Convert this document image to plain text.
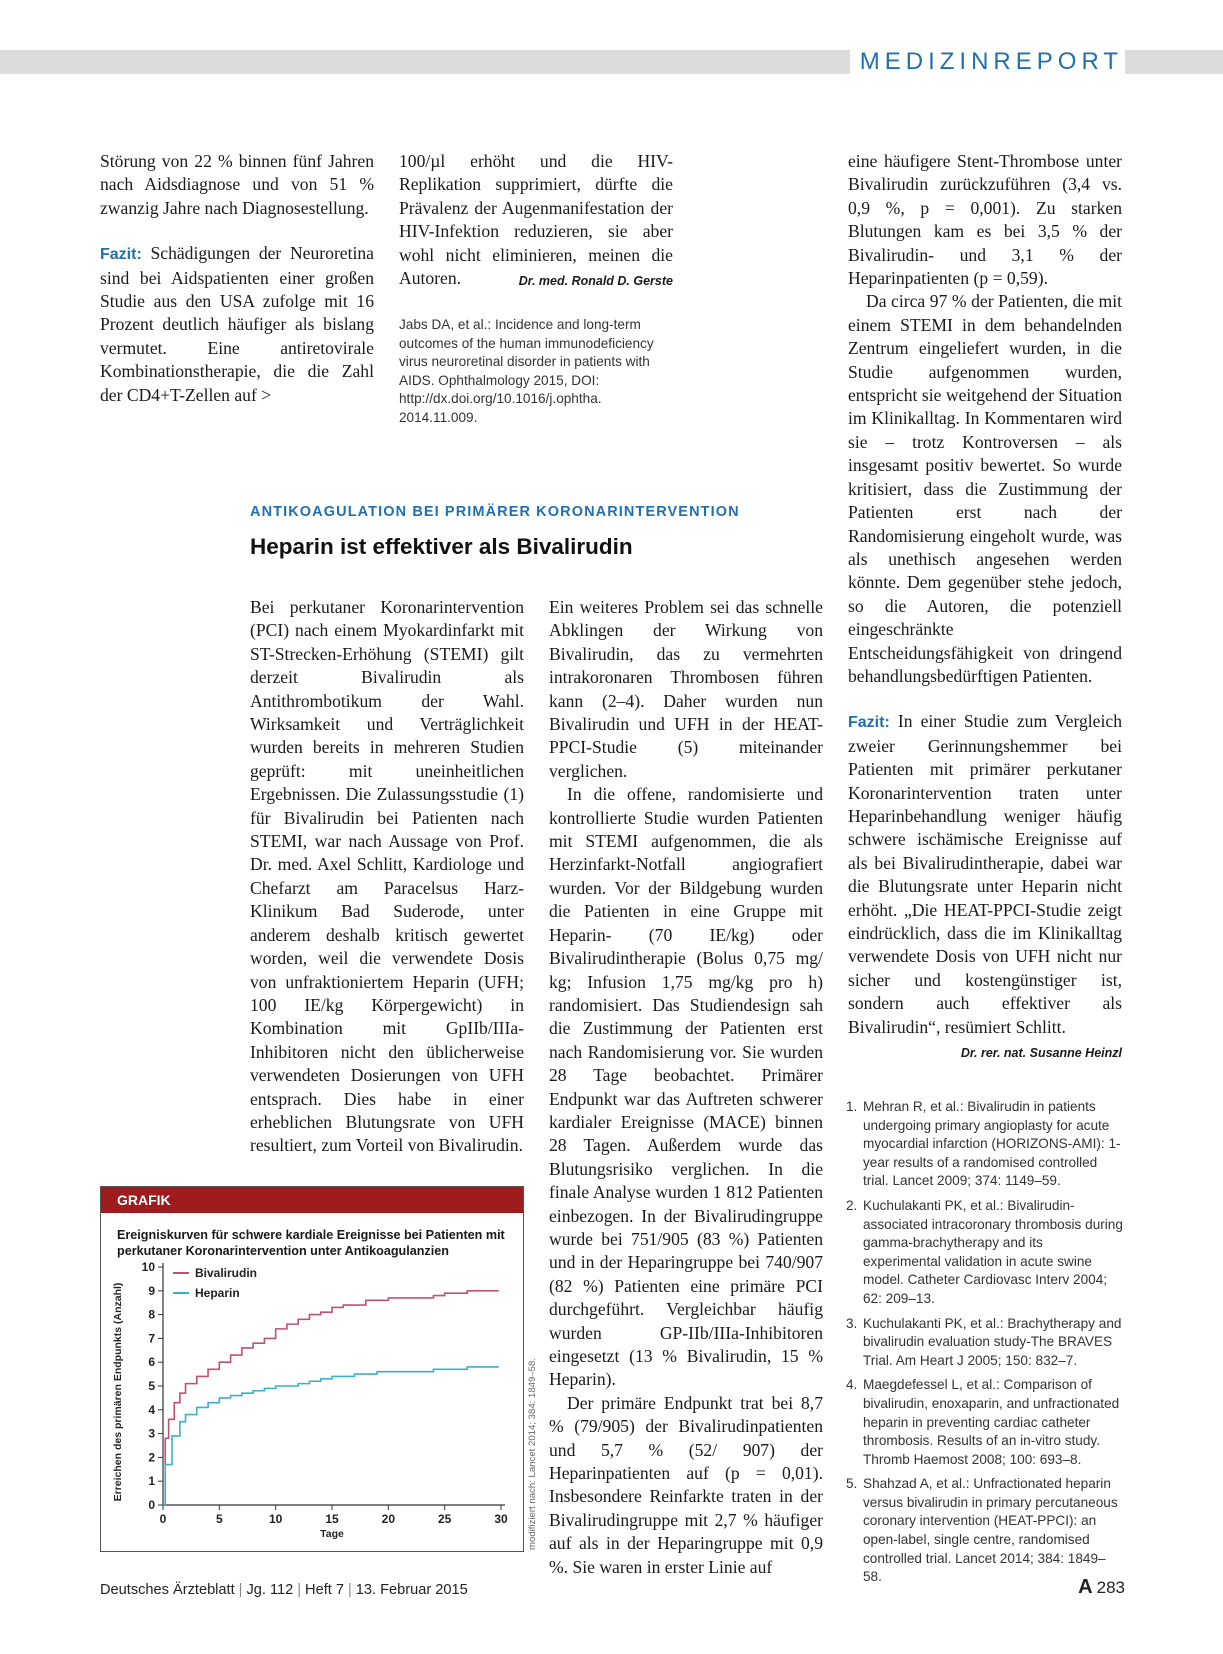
MEDIZINREPORT

Störung von 22 % binnen fünf Jahren nach Aidsdiagnose und von 51 % zwanzig Jahre nach Diagnosestellung.

Fazit: Schädigungen der Neuroretina sind bei Aidspatienten einer großen Studie aus den USA zufolge mit 16 Prozent deutlich häufiger als bislang vermutet. Eine antiretovirale Kombinationstherapie, die die Zahl der CD4+T-Zellen auf >

100/µl erhöht und die HIV-Replikation supprimiert, dürfte die Prävalenz der Augenmanifestation der HIV-Infektion reduzieren, sie aber wohl nicht eliminieren, meinen die Autoren.	Dr. med. Ronald D. Gerste

Jabs DA, et al.: Incidence and long-term outcomes of the human immunodeficiency virus neuroretinal disorder in patients with AIDS. Ophthalmology 2015, DOI: http://dx.doi.org/10.1016/j.ophtha. 2014.11.009.
ANTIKOAGULATION BEI PRIMÄRER KORONARINTERVENTION
Heparin ist effektiver als Bivalirudin

Bei perkutaner Koronarintervention (PCI) nach einem Myokardinfarkt mit ST-Strecken-Erhöhung (STEMI) gilt derzeit Bivalirudin als Antithrombotikum der Wahl. Wirksamkeit und Verträglichkeit wurden bereits in mehreren Studien geprüft: mit uneinheitlichen Ergebnissen. Die Zulassungsstudie (1) für Bivalirudin bei Patienten nach STEMI, war nach Aussage von Prof. Dr. med. Axel Schlitt, Kardiologe und Chefarzt am Paracelsus Harz-Klinikum Bad Suderode, unter anderem deshalb kritisch gewertet worden, weil die verwendete Dosis von unfraktioniertem Heparin (UFH; 100 IE/kg Körpergewicht) in Kombination mit GpIIb/IIIa-Inhibitoren nicht den üblicherweise verwendeten Dosierungen von UFH entsprach. Dies habe in einer erheblichen Blutungsrate von UFH resultiert, zum Vorteil von Bivalirudin.

Ein weiteres Problem sei das schnelle Abklingen der Wirkung von Bivalirudin, das zu vermehrten intrakoronaren Thrombosen führen kann (2–4). Daher wurden nun Bivalirudin und UFH in der HEAT-PPCI-Studie (5) miteinander verglichen.

In die offene, randomisierte und kontrollierte Studie wurden Patienten mit STEMI aufgenommen, die als Herzinfarkt-Notfall angiografiert wurden. Vor der Bildgebung wurden die Patienten in eine Gruppe mit Heparin- (70 IE/kg) oder Bivalirudintherapie (Bolus 0,75 mg/ kg; Infusion 1,75 mg/kg pro h) randomisiert. Das Studiendesign sah die Zustimmung der Patienten erst nach Randomisierung vor. Sie wurden 28 Tage beobachtet. Primärer Endpunkt war das Auftreten schwerer kardialer Ereignisse (MACE) binnen 28 Tagen. Außerdem wurde das Blutungsrisiko verglichen. In die finale Analyse wurden 1 812 Patienten einbezogen. In der Bivalirudingruppe wurde bei 751/905 (83 %) Patienten und in der Heparingruppe bei 740/907 (82 %) Patienten eine primäre PCI durchgeführt. Vergleichbar häufig wurden GP-IIb/IIIa-Inhibitoren eingesetzt (13 % Bivalirudin, 15 % Heparin).

Der primäre Endpunkt trat bei 8,7 % (79/905) der Bivalirudinpatienten und 5,7 % (52/ 907) der Heparinpatienten auf (p = 0,01). Insbesondere Reinfarkte traten in der Bivalirudingruppe mit 2,7 % häufiger auf als in der Heparingruppe mit 0,9 %. Sie waren in erster Linie auf

eine häufigere Stent-Thrombose unter Bivalirudin zurückzuführen (3,4 vs. 0,9 %, p = 0,001). Zu starken Blutungen kam es bei 3,5 % der Bivalirudin- und 3,1 % der Heparinpatienten (p = 0,59).

Da circa 97 % der Patienten, die mit einem STEMI in dem behandelnden Zentrum eingeliefert wurden, in die Studie aufgenommen wurden, entspricht sie weitgehend der Situation im Klinikalltag. In Kommentaren wird sie – trotz Kontroversen – als insgesamt positiv bewertet. So wurde kritisiert, dass die Zustimmung der Patienten erst nach der Randomisierung eingeholt wurde, was als unethisch angesehen werden könnte. Dem gegenüber stehe jedoch, so die Autoren, die potenziell eingeschränkte Entscheidungsfähigkeit von dringend behandlungsbedürftigen Patienten.

Fazit: In einer Studie zum Vergleich zweier Gerinnungshemmer bei Patienten mit primärer perkutaner Koronarintervention traten unter Heparinbehandlung weniger häufig schwere ischämische Ereignisse auf als bei Bivalirudintherapie, dabei war die Blutungsrate unter Heparin nicht erhöht. „Die HEAT-PPCI-Studie zeigt eindrücklich, dass die im Klinikalltag verwendete Dosis von UFH nicht nur sicher und kostengünstiger ist, sondern auch effektiver als Bivalirudin“, resümiert Schlitt.
Dr. rer. nat. Susanne Heinzl

1. Mehran R, et al.: Bivalirudin in patients undergoing primary angioplasty for acute myocardial infarction (HORIZONS-AMI): 1-year results of a randomised controlled trial. Lancet 2009; 374: 1149–59.
2. Kuchulakanti PK, et al.: Bivalirudin-associated intracoronary thrombosis during gamma-brachytherapy and its experimental validation in acute swine model. Catheter Cardiovasc Interv 2004; 62: 209–13.
3. Kuchulakanti PK, et al.: Brachytherapy and bivalirudin evaluation study-The BRAVES Trial. Am Heart J 2005; 150: 832–7.
4. Maegdefessel L, et al.: Comparison of bivalirudin, enoxaparin, and unfractionated heparin in preventing cardiac catheter thrombosis. Results of an in-vitro study. Thromb Haemost 2008; 100: 693–8.
5. Shahzad A, et al.: Unfractionated heparin versus bivalirudin in primary percutaneous coronary intervention (HEAT-PPCI): an open-label, single centre, randomised controlled trial. Lancet 2014; 384: 1849–58.
GRAFIK
Ereigniskurven für schwere kardiale Ereignisse bei Patienten mit perkutaner Koronarintervention unter Antikoagulanzien
0
1
2
3
4
5
6
7
8
9
10
0	5	10	15	20	25	30
Tage
Erreichen des primären Endpunkts (Anzahl)
Bivalirudin
Heparin
modifiziert nach: Lancet 2014; 384: 1849–58.
Deutsches Ärzteblatt | Jg. 112 | Heft 7 | 13. Februar 2015	A 283
